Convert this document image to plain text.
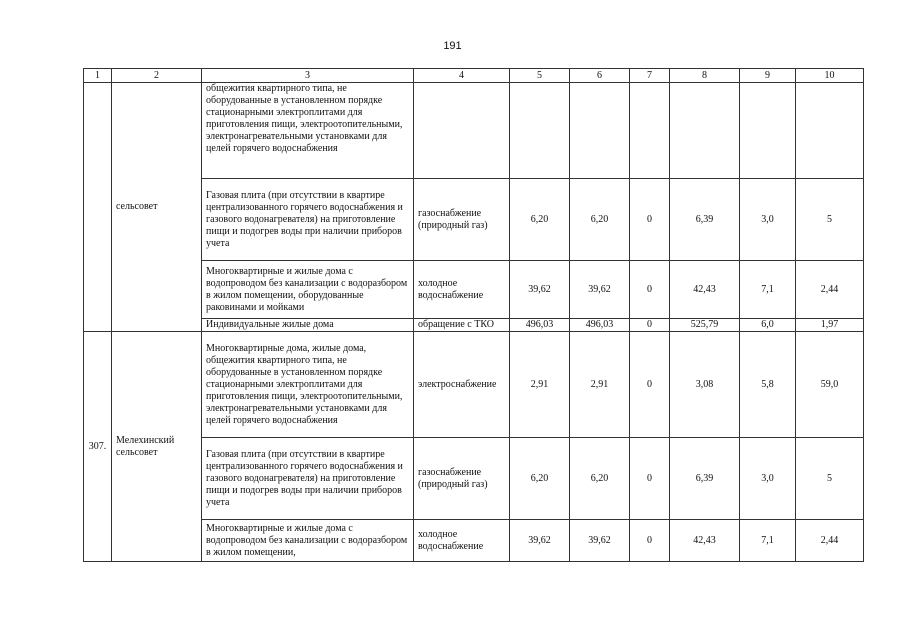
191
1	2	3	4	5	6	7	8	9	10
	сельсовет	общежития квартирного типа, не оборудованные в установленном порядке стационарными электроплитами для приготовления пищи, электроотопительными, электронагревательными установками для целей горячего водоснабжения							
		Газовая плита (при отсутствии в квартире централизованного горячего водоснабжения и газового водонагревателя) на приготовление пищи и подогрев воды при наличии приборов учета	газоснабжение (природный газ)	6,20	6,20	0	6,39	3,0	5
		Многоквартирные и жилые дома с водопроводом без канализации с водоразбором в жилом помещении, оборудованные раковинами и мойками	холодное водоснабжение	39,62	39,62	0	42,43	7,1	2,44
		Индивидуальные жилые дома	обращение с ТКО	496,03	496,03	0	525,79	6,0	1,97
307.	Мелехинский сельсовет	Многоквартирные дома, жилые дома, общежития квартирного типа, не оборудованные в установленном порядке стационарными электроплитами для приготовления пищи, электроотопительными, электронагревательными установками для целей горячего водоснабжения	электроснабжение	2,91	2,91	0	3,08	5,8	59,0
		Газовая плита (при отсутствии в квартире централизованного горячего водоснабжения и газового водонагревателя) на приготовление пищи и подогрев воды при наличии приборов учета	газоснабжение (природный газ)	6,20	6,20	0	6,39	3,0	5
		Многоквартирные и жилые дома с водопроводом без канализации с водоразбором в жилом помещении,	холодное водоснабжение	39,62	39,62	0	42,43	7,1	2,44
